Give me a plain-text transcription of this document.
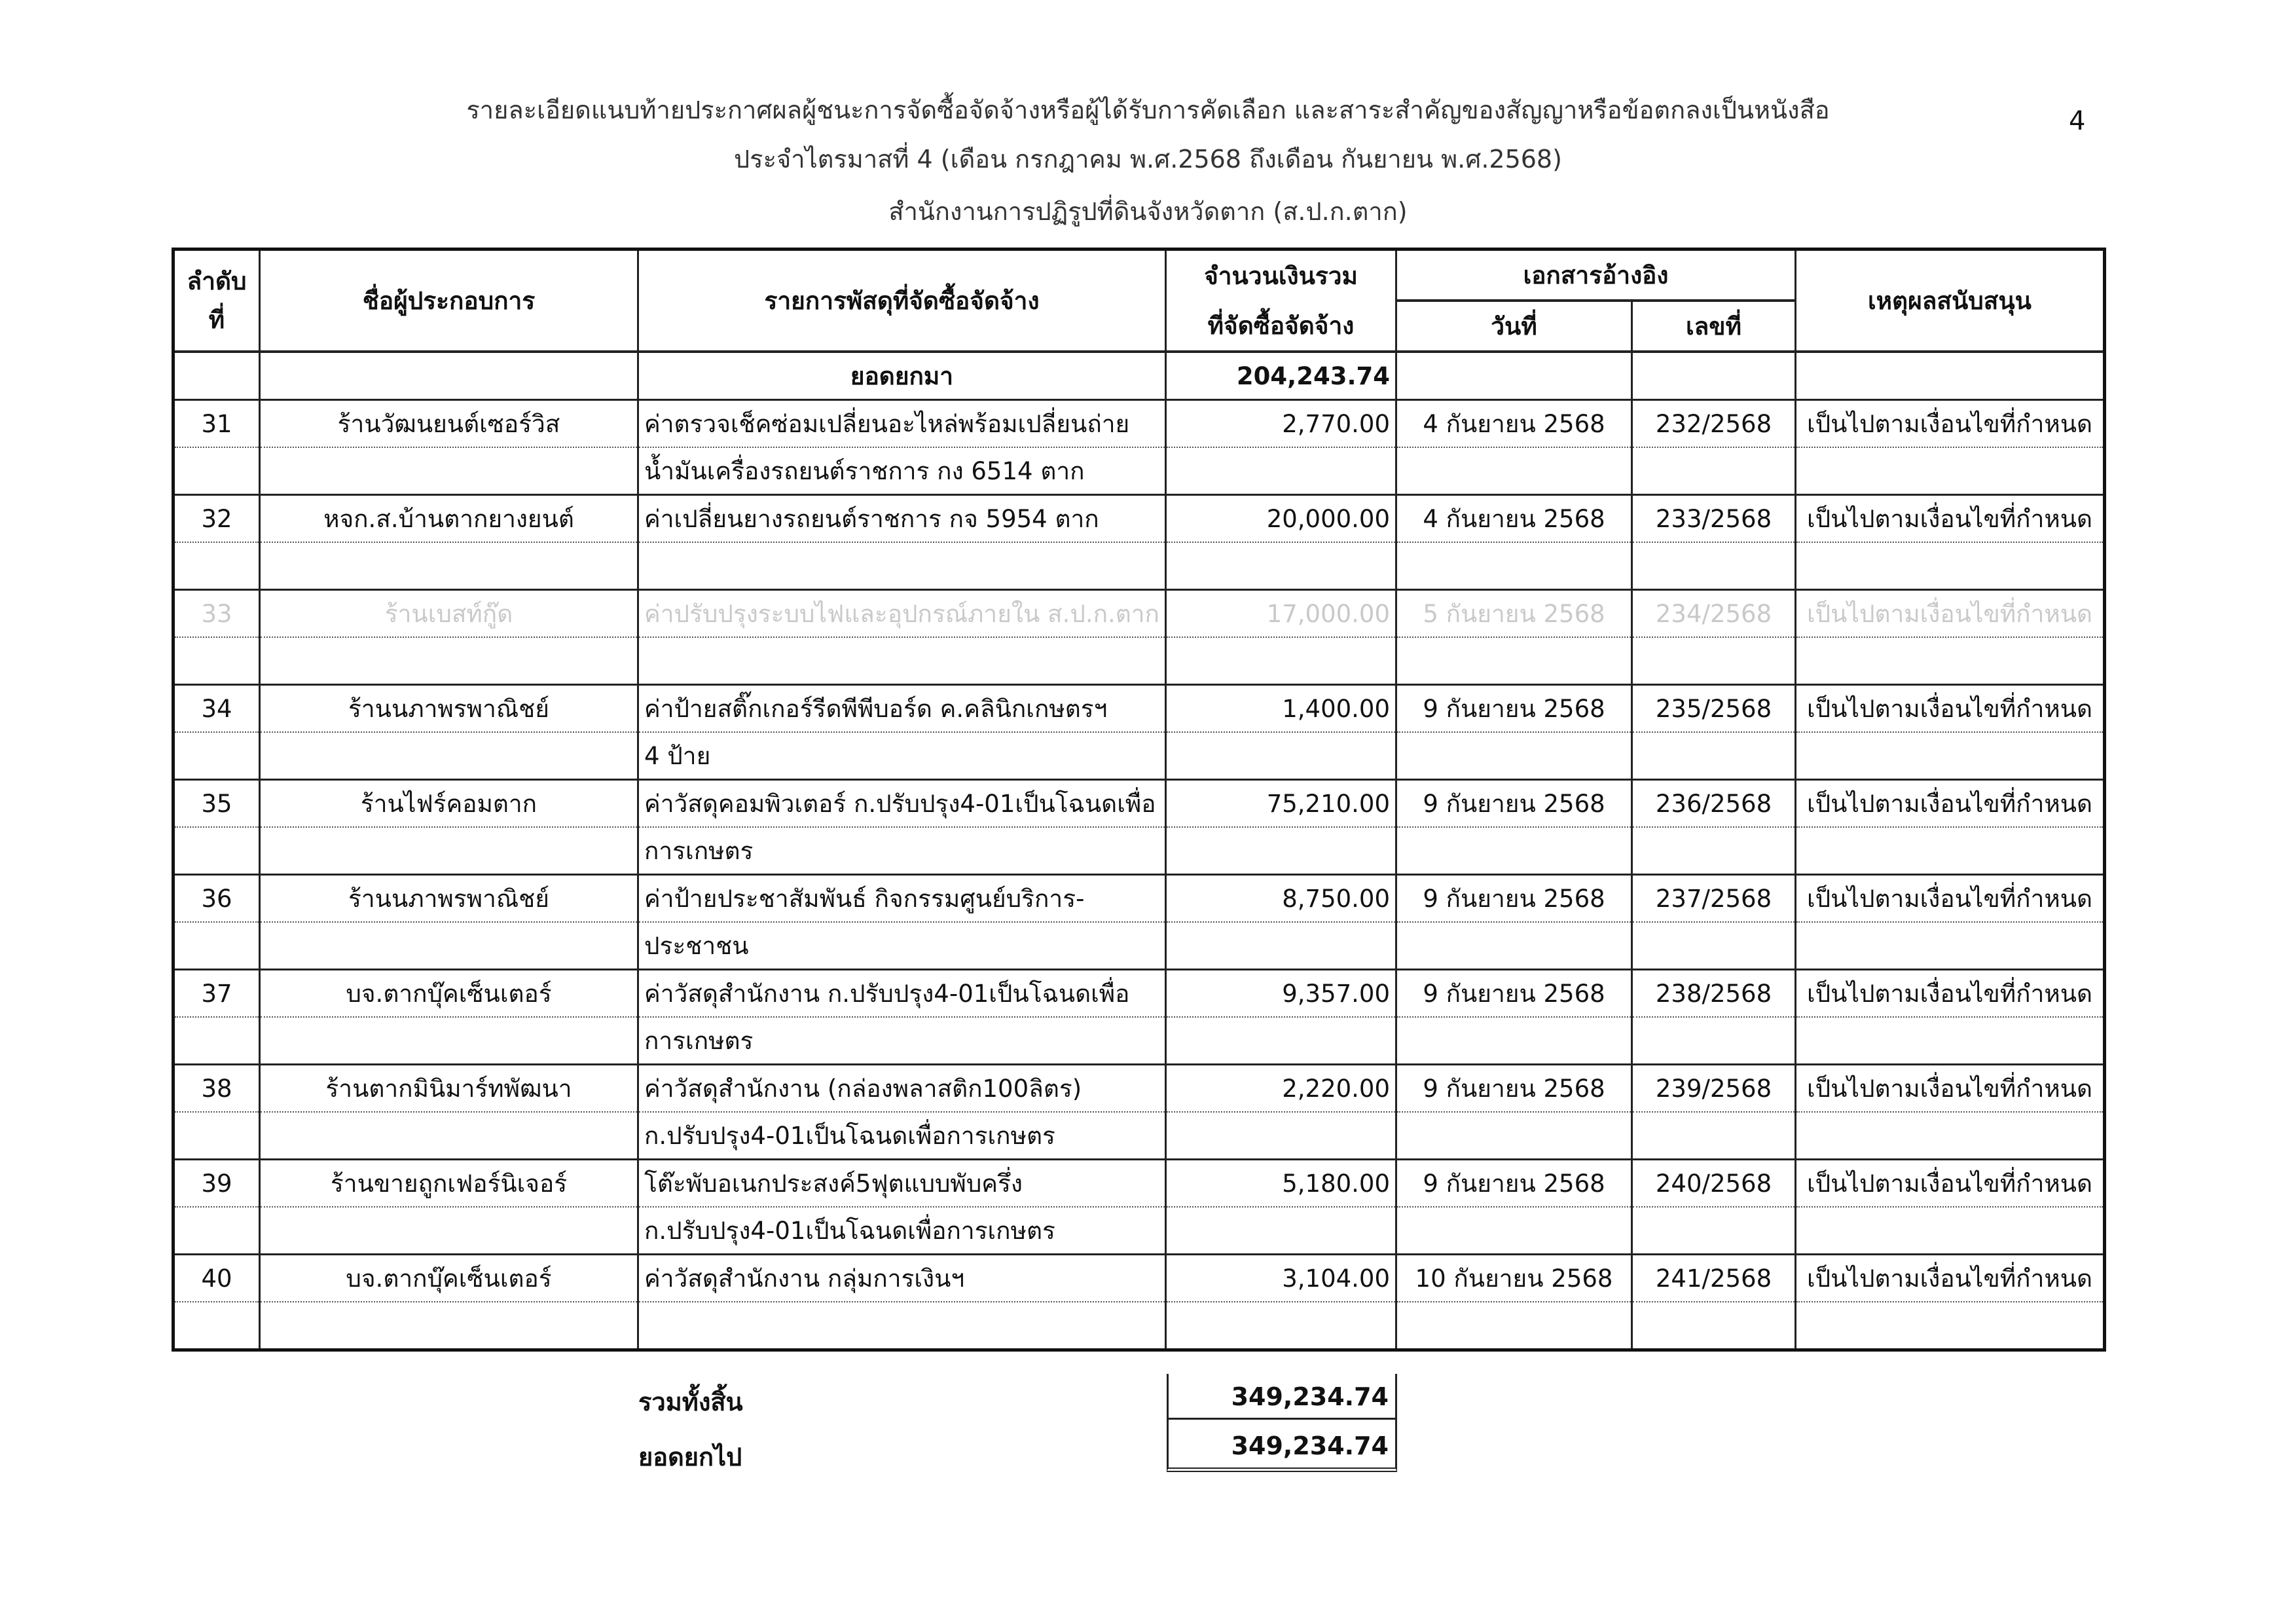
รายละเอียดแนบท้ายประกาศผลผู้ชนะการจัดซื้อจัดจ้างหรือผู้ได้รับการคัดเลือก และสาระสำคัญของสัญญาหรือข้อตกลงเป็นหนังสือ
ประจำไตรมาสที่ 4 (เดือน กรกฎาคม พ.ศ.2568 ถึงเดือน กันยายน พ.ศ.2568)
สำนักงานการปฏิรูปที่ดินจังหวัดตาก (ส.ป.ก.ตาก)
4
ลำดับ
ที่	ชื่อผู้ประกอบการ	รายการพัสดุที่จัดซื้อจัดจ้าง	จำนวนเงินรวม	เอกสารอ้างอิง		เหตุผลสนับสนุน
			ที่จัดซื้อจัดจ้าง	วันที่	เลขที่	
		ยอดยกมา	204,243.74			
31	ร้านวัฒนยนต์เซอร์วิส	ค่าตรวจเช็คซ่อมเปลี่ยนอะไหล่พร้อมเปลี่ยนถ่าย	2,770.00	4 กันยายน 2568	232/2568	เป็นไปตามเงื่อนไขที่กำหนด
		น้ำมันเครื่องรถยนต์ราชการ กง 6514 ตาก				
32	หจก.ส.บ้านตากยางยนต์	ค่าเปลี่ยนยางรถยนต์ราชการ กจ 5954 ตาก	20,000.00	4 กันยายน 2568	233/2568	เป็นไปตามเงื่อนไขที่กำหนด

33	ร้านเบสท์กู๊ด	ค่าปรับปรุงระบบไฟและอุปกรณ์ภายใน ส.ป.ก.ตาก	17,000.00	5 กันยายน 2568	234/2568	เป็นไปตามเงื่อนไขที่กำหนด

34	ร้านนภาพรพาณิชย์	ค่าป้ายสติ๊กเกอร์รีดพีพีบอร์ด ค.คลินิกเกษตรฯ	1,400.00	9 กันยายน 2568	235/2568	เป็นไปตามเงื่อนไขที่กำหนด
		4 ป้าย				
35	ร้านไฟร์คอมตาก	ค่าวัสดุคอมพิวเตอร์ ก.ปรับปรุง4-01เป็นโฉนดเพื่อ	75,210.00	9 กันยายน 2568	236/2568	เป็นไปตามเงื่อนไขที่กำหนด
		การเกษตร				
36	ร้านนภาพรพาณิชย์	ค่าป้ายประชาสัมพันธ์ กิจกรรมศูนย์บริการ-	8,750.00	9 กันยายน 2568	237/2568	เป็นไปตามเงื่อนไขที่กำหนด
		ประชาชน				
37	บจ.ตากบุ๊คเซ็นเตอร์	ค่าวัสดุสำนักงาน ก.ปรับปรุง4-01เป็นโฉนดเพื่อ	9,357.00	9 กันยายน 2568	238/2568	เป็นไปตามเงื่อนไขที่กำหนด
		การเกษตร				
38	ร้านตากมินิมาร์ทพัฒนา	ค่าวัสดุสำนักงาน (กล่องพลาสติก100ลิตร)	2,220.00	9 กันยายน 2568	239/2568	เป็นไปตามเงื่อนไขที่กำหนด
		ก.ปรับปรุง4-01เป็นโฉนดเพื่อการเกษตร				
39	ร้านขายถูกเฟอร์นิเจอร์	โต๊ะพับอเนกประสงค์5ฟุตแบบพับครึ่ง	5,180.00	9 กันยายน 2568	240/2568	เป็นไปตามเงื่อนไขที่กำหนด
		ก.ปรับปรุง4-01เป็นโฉนดเพื่อการเกษตร				
40	บจ.ตากบุ๊คเซ็นเตอร์	ค่าวัสดุสำนักงาน กลุ่มการเงินฯ	3,104.00	10 กันยายน 2568	241/2568	เป็นไปตามเงื่อนไขที่กำหนด

รวมทั้งสิ้น	349,234.74
ยอดยกไป	349,234.74
